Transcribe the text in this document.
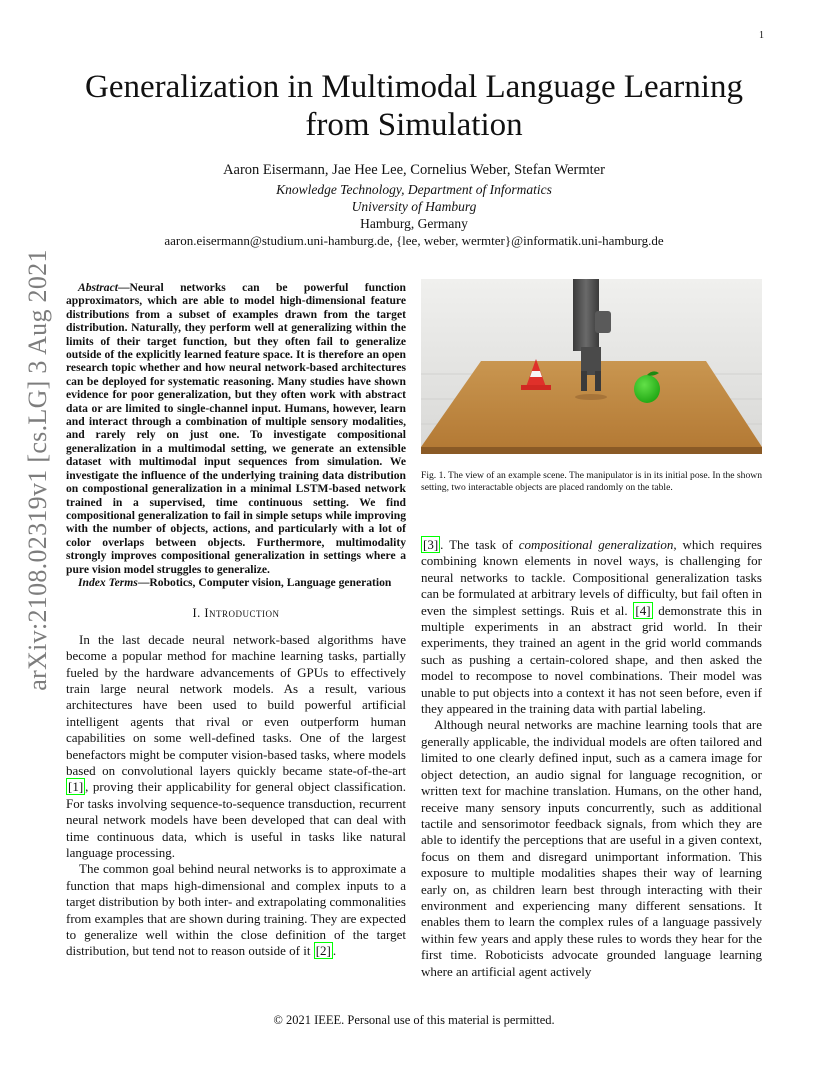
1
arXiv:2108.02319v1 [cs.LG] 3 Aug 2021
Generalization in Multimodal Language Learning from Simulation
Aaron Eisermann, Jae Hee Lee, Cornelius Weber, Stefan Wermter
Knowledge Technology, Department of Informatics
University of Hamburg
Hamburg, Germany
aaron.eisermann@studium.uni-hamburg.de, {lee, weber, wermter}@informatik.uni-hamburg.de

Abstract—Neural networks can be powerful function approximators, which are able to model high-dimensional feature distributions from a subset of examples drawn from the target distribution. Naturally, they perform well at generalizing within the limits of their target function, but they often fail to generalize outside of the explicitly learned feature space. It is therefore an open research topic whether and how neural network-based architectures can be deployed for systematic reasoning. Many studies have shown evidence for poor generalization, but they often work with abstract data or are limited to single-channel input. Humans, however, learn and interact through a combination of multiple sensory modalities, and rarely rely on just one. To investigate compositional generalization in a multimodal setting, we generate an extensible dataset with multimodal input sequences from simulation. We investigate the influence of the underlying training data distribution on compostional generalization in a minimal LSTM-based network trained in a supervised, time continuous setting. We find compositional generalization to fail in simple setups while improving with the number of objects, actions, and particularly with a lot of color overlaps between objects. Furthermore, multimodality strongly improves compositional generalization in settings where a pure vision model struggles to generalize.

Index Terms—Robotics, Computer vision, Language generation

I. Introduction

In the last decade neural network-based algorithms have become a popular method for machine learning tasks, partially fueled by the hardware advancements of GPUs to effectively train large neural network models. As a result, various architectures have been used to build powerful artificial intelligent agents that rival or even outperform human capabilities on some well-defined tasks. One of the largest benefactors might be computer vision-based tasks, where models based on convolutional layers quickly became state-of-the-art [1] , proving their applicability for general object classification. For tasks involving sequence-to-sequence transduction, recurrent neural network models have been developed that can deal with time continuous data, which is useful in tasks like natural language processing.

The common goal behind neural networks is to approximate a function that maps high-dimensional and complex inputs to a target distribution by both inter- and extrapolating commonalities from examples that are shown during training. They are expected to generalize well within the close definition of the target distribution, but tend not to reason outside of it [2] .

Fig. 1. The view of an example scene. The manipulator is in its initial pose. In the shown setting, two interactable objects are placed randomly on the table.

[3] . The task of compositional generalization, which requires combining known elements in novel ways, is challenging for neural networks to tackle. Compositional generalization tasks can be formulated at arbitrary levels of difficulty, but fail often in even the simplest settings. Ruis et al. [4] demonstrate this in multiple experiments in an abstract grid world. In their experiments, they trained an agent in the grid world commands such as pushing a certain-colored shape, and then asked the model to recompose to novel combinations. Their model was unable to put objects into a context it has not seen before, even if they appeared in the training data with partial labeling.

Although neural networks are machine learning tools that are generally applicable, the individual models are often tailored and limited to one clearly defined input, such as a camera image for object detection, an audio signal for language recognition, or written text for machine translation. Humans, on the other hand, receive many sensory inputs concurrently, such as additional tactile and sensorimotor feedback signals, from which they are able to identify the perceptions that are useful in a given context, focus on them and disregard unimportant information. This exposure to multiple modalities shapes their way of learning early on, as children learn best through interacting with their environment and experiencing many different sensations. It enables them to learn the complex rules of a language passively within few years and apply these rules to words they hear for the first time. Roboticists advocate grounded language learning where an artificial agent actively

© 2021 IEEE. Personal use of this material is permitted.
